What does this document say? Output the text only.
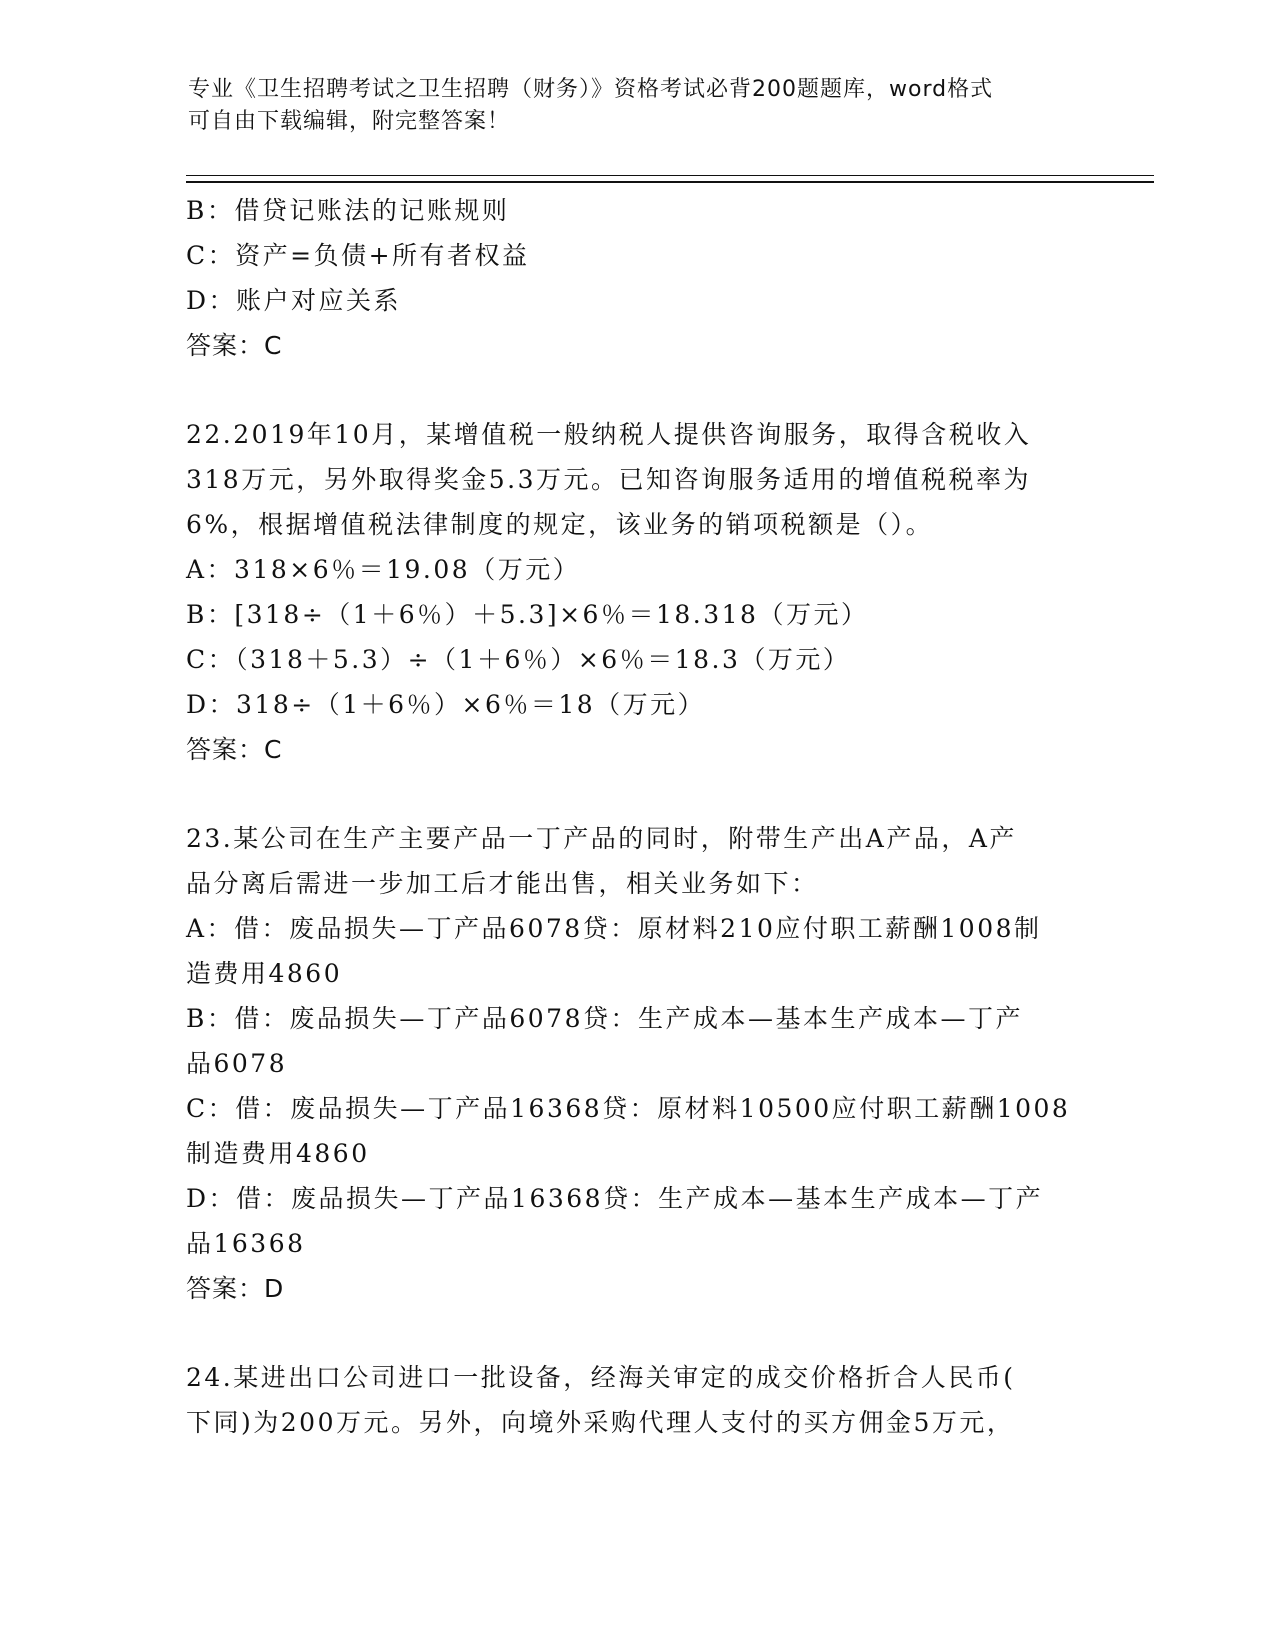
专业《卫生招聘考试之卫生招聘（财务）》资格考试必背200题题库，word格式
可自由下载编辑，附完整答案！
B：借贷记账法的记账规则
C：资产=负债+所有者权益
D：账户对应关系
答案：C
22.2019年10月，某增值税一般纳税人提供咨询服务，取得含税收入
318万元，另外取得奖金5.3万元。已知咨询服务适用的增值税税率为
6%，根据增值税法律制度的规定，该业务的销项税额是（）。
A：318×6％＝19.08（万元）
B：[318÷（1＋6％）＋5.3]×6％＝18.318（万元）
C：（318＋5.3）÷（1＋6％）×6％＝18.3（万元）
D：318÷（1＋6％）×6％＝18（万元）
答案：C
23.某公司在生产主要产品一丁产品的同时，附带生产出A产品，A产
品分离后需进一步加工后才能出售，相关业务如下：
A：借：废品损失—丁产品6078贷：原材料210应付职工薪酬1008制
造费用4860
B：借：废品损失—丁产品6078贷：生产成本—基本生产成本—丁产
品6078
C：借：废品损失—丁产品16368贷：原材料10500应付职工薪酬1008
制造费用4860
D：借：废品损失—丁产品16368贷：生产成本—基本生产成本—丁产
品16368
答案：D
24.某进出口公司进口一批设备，经海关审定的成交价格折合人民币(
下同)为200万元。另外，向境外采购代理人支付的买方佣金5万元，
